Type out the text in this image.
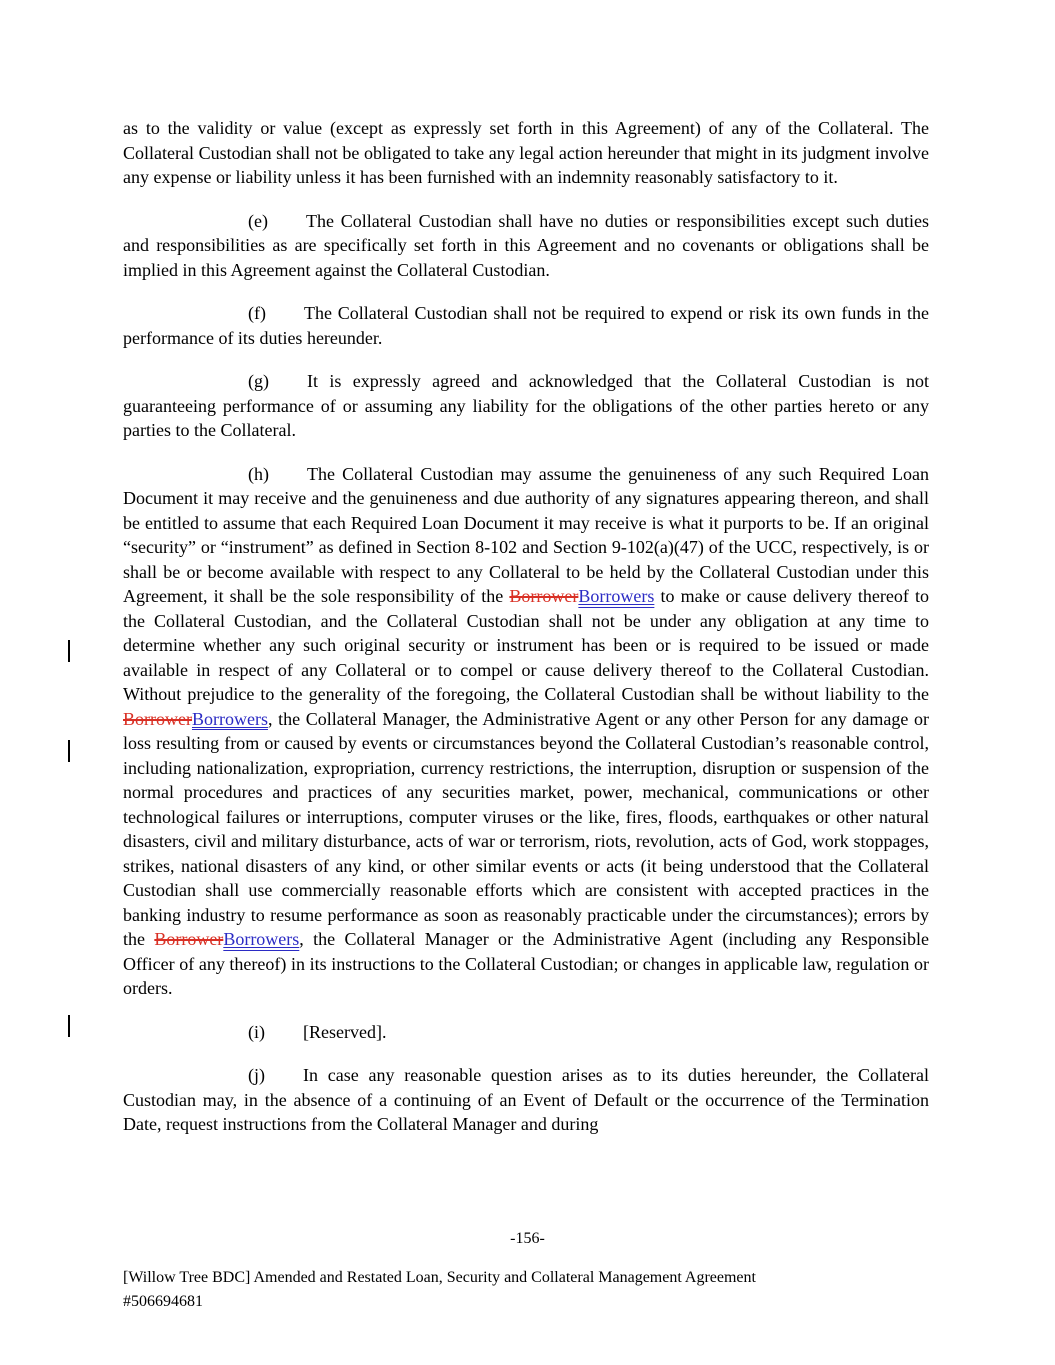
as to the validity or value (except as expressly set forth in this Agreement) of any of the Collateral. The Collateral Custodian shall not be obligated to take any legal action hereunder that might in its judgment involve any expense or liability unless it has been furnished with an indemnity reasonably satisfactory to it.

(e) The Collateral Custodian shall have no duties or responsibilities except such duties and responsibilities as are specifically set forth in this Agreement and no covenants or obligations shall be implied in this Agreement against the Collateral Custodian.

(f) The Collateral Custodian shall not be required to expend or risk its own funds in the performance of its duties hereunder.

(g) It is expressly agreed and acknowledged that the Collateral Custodian is not guaranteeing performance of or assuming any liability for the obligations of the other parties hereto or any parties to the Collateral.

(h) The Collateral Custodian may assume the genuineness of any such Required Loan Document it may receive and the genuineness and due authority of any signatures appearing thereon, and shall be entitled to assume that each Required Loan Document it may receive is what it purports to be. If an original “security” or “instrument” as defined in Section 8-102 and Section 9-102(a)(47) of the UCC, respectively, is or shall be or become available with respect to any Collateral to be held by the Collateral Custodian under this Agreement, it shall be the sole responsibility of the BorrowerBorrowers to make or cause delivery thereof to the Collateral Custodian, and the Collateral Custodian shall not be under any obligation at any time to determine whether any such original security or instrument has been or is required to be issued or made available in respect of any Collateral or to compel or cause delivery thereof to the Collateral Custodian. Without prejudice to the generality of the foregoing, the Collateral Custodian shall be without liability to the BorrowerBorrowers, the Collateral Manager, the Administrative Agent or any other Person for any damage or loss resulting from or caused by events or circumstances beyond the Collateral Custodian’s reasonable control, including nationalization, expropriation, currency restrictions, the interruption, disruption or suspension of the normal procedures and practices of any securities market, power, mechanical, communications or other technological failures or interruptions, computer viruses or the like, fires, floods, earthquakes or other natural disasters, civil and military disturbance, acts of war or terrorism, riots, revolution, acts of God, work stoppages, strikes, national disasters of any kind, or other similar events or acts (it being understood that the Collateral Custodian shall use commercially reasonable efforts which are consistent with accepted practices in the banking industry to resume performance as soon as reasonably practicable under the circumstances); errors by the BorrowerBorrowers, the Collateral Manager or the Administrative Agent (including any Responsible Officer of any thereof) in its instructions to the Collateral Custodian; or changes in applicable law, regulation or orders.

(i) [Reserved].

(j) In case any reasonable question arises as to its duties hereunder, the Collateral Custodian may, in the absence of a continuing of an Event of Default or the occurrence of the Termination Date, request instructions from the Collateral Manager and during

-156-
[Willow Tree BDC] Amended and Restated Loan, Security and Collateral Management Agreement
#506694681
